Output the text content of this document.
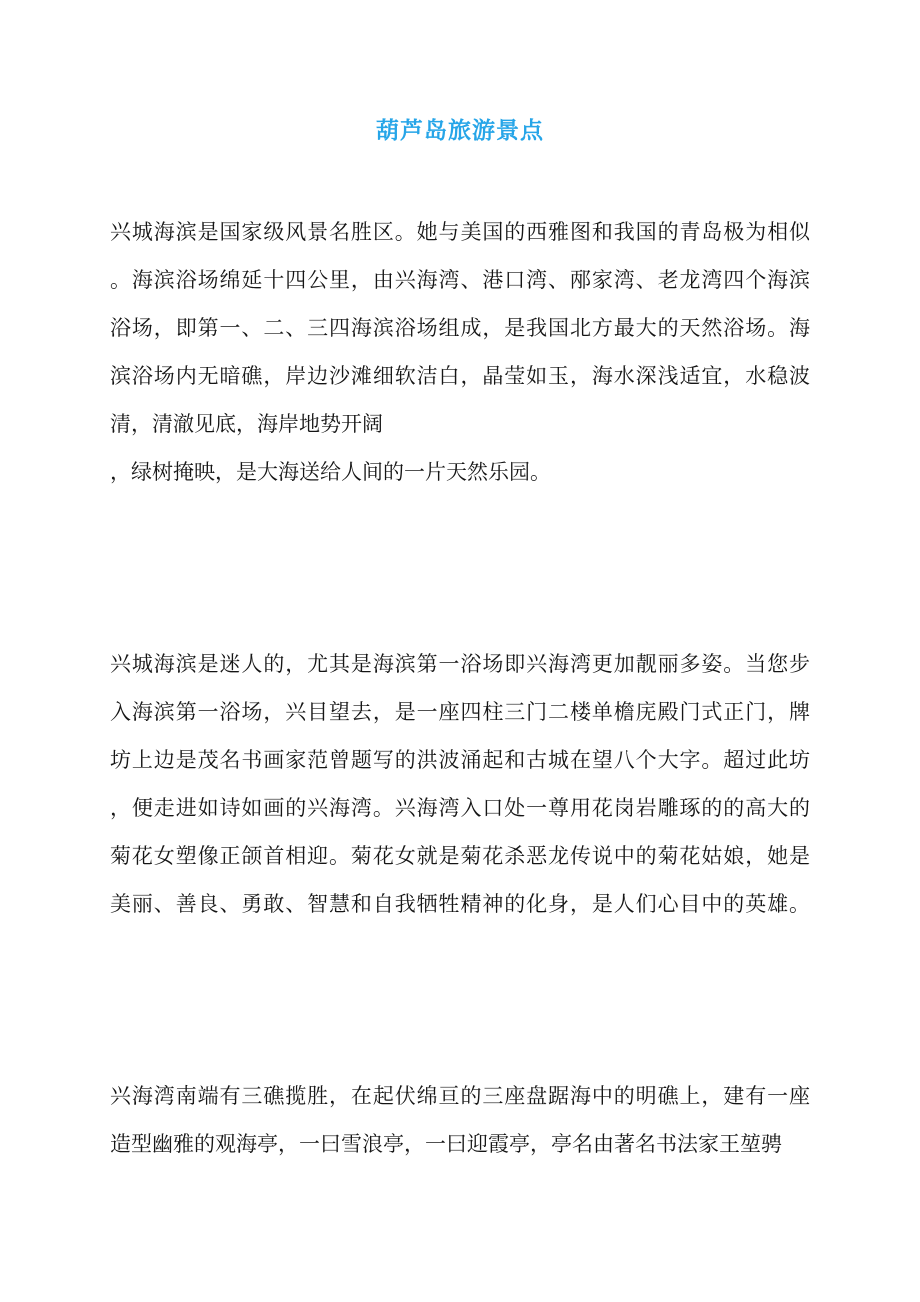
葫芦岛旅游景点
兴城海滨是国家级风景名胜区。她与美国的西雅图和我国的青岛极为相似
。海滨浴场绵延十四公里，由兴海湾、港口湾、邴家湾、老龙湾四个海滨
浴场，即第一、二、三四海滨浴场组成，是我国北方最大的天然浴场。海
滨浴场内无暗礁，岸边沙滩细软洁白，晶莹如玉，海水深浅适宜，水稳波
清，清澈见底，海岸地势开阔
，绿树掩映，是大海送给人间的一片天然乐园。
兴城海滨是迷人的，尤其是海滨第一浴场即兴海湾更加靓丽多姿。当您步
入海滨第一浴场，兴目望去，是一座四柱三门二楼单檐庑殿门式正门，牌
坊上边是茂名书画家范曾题写的洪波涌起和古城在望八个大字。超过此坊
，便走进如诗如画的兴海湾。兴海湾入口处一尊用花岗岩雕琢的的高大的
菊花女塑像正颌首相迎。菊花女就是菊花杀恶龙传说中的菊花姑娘，她是
美丽、善良、勇敢、智慧和自我牺牲精神的化身，是人们心目中的英雄。
兴海湾南端有三礁揽胜，在起伏绵亘的三座盘踞海中的明礁上，建有一座
造型幽雅的观海亭，一曰雪浪亭，一曰迎霞亭，亭名由著名书法家王堃骋
